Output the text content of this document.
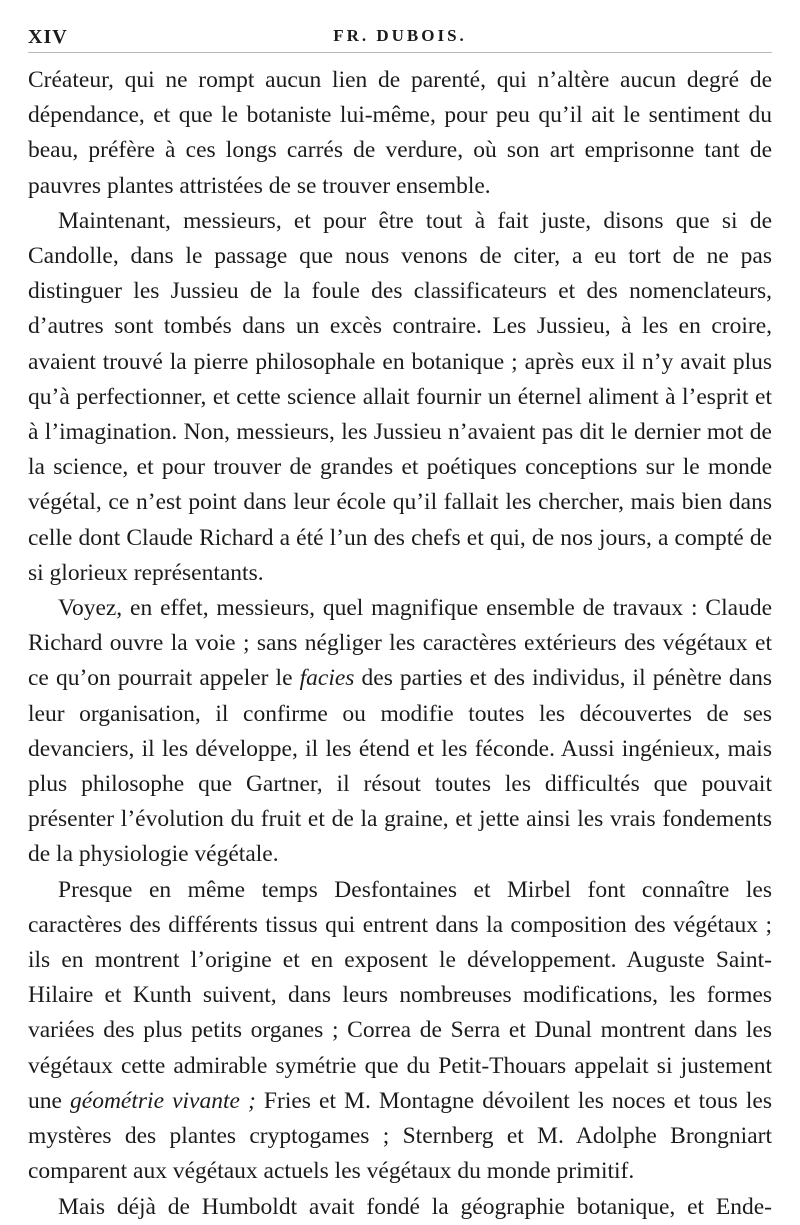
XIV	FR. DUBOIS.

Créateur, qui ne rompt aucun lien de parenté, qui n’altère aucun degré de dépendance, et que le botaniste lui-même, pour peu qu’il ait le sentiment du beau, préfère à ces longs carrés de verdure, où son art emprisonne tant de pauvres plantes attristées de se trouver ensemble.

Maintenant, messieurs, et pour être tout à fait juste, disons que si de Candolle, dans le passage que nous venons de citer, a eu tort de ne pas distinguer les Jussieu de la foule des classificateurs et des nomenclateurs, d’autres sont tombés dans un excès contraire. Les Jussieu, à les en croire, avaient trouvé la pierre philosophale en botanique ; après eux il n’y avait plus qu’à perfectionner, et cette science allait fournir un éternel aliment à l’esprit et à l’imagination. Non, messieurs, les Jussieu n’avaient pas dit le dernier mot de la science, et pour trouver de grandes et poétiques conceptions sur le monde végétal, ce n’est point dans leur école qu’il fallait les chercher, mais bien dans celle dont Claude Richard a été l’un des chefs et qui, de nos jours, a compté de si glorieux représentants.

Voyez, en effet, messieurs, quel magnifique ensemble de travaux : Claude Richard ouvre la voie ; sans négliger les caractères extérieurs des végétaux et ce qu’on pourrait appeler le facies des parties et des individus, il pénètre dans leur organisation, il confirme ou modifie toutes les découvertes de ses devanciers, il les développe, il les étend et les féconde. Aussi ingénieux, mais plus philosophe que Gartner, il résout toutes les difficultés que pouvait présenter l’évolution du fruit et de la graine, et jette ainsi les vrais fondements de la physiologie végétale.

Presque en même temps Desfontaines et Mirbel font connaître les caractères des différents tissus qui entrent dans la composition des végétaux ; ils en montrent l’origine et en exposent le développement. Auguste Saint-Hilaire et Kunth suivent, dans leurs nombreuses modifications, les formes variées des plus petits organes ; Correa de Serra et Dunal montrent dans les végétaux cette admirable symétrie que du Petit-Thouars appelait si justement une géométrie vivante ; Fries et M. Montagne dévoilent les noces et tous les mystères des plantes cryptogames ; Sternberg et M. Adolphe Brongniart comparent aux végétaux actuels les végétaux du monde primitif.

Mais déjà de Humboldt avait fondé la géographie botanique, et Ende-
